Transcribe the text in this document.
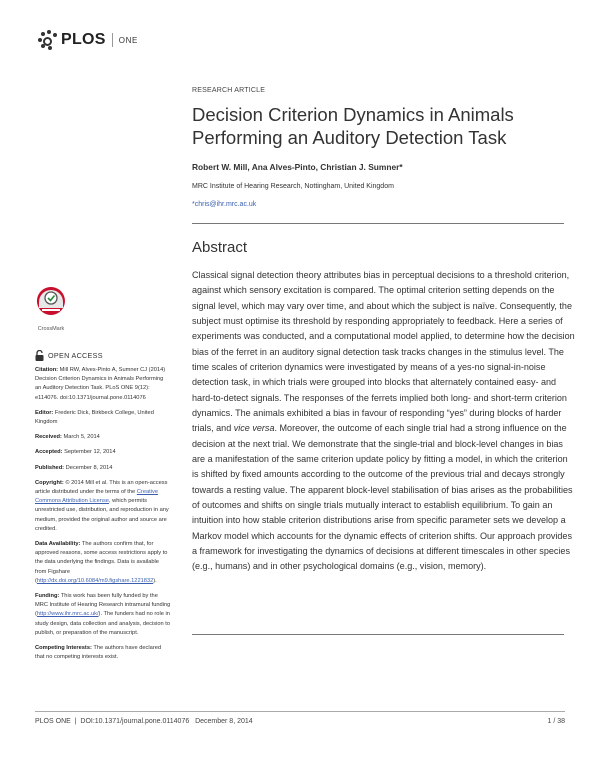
PLOS ONE
RESEARCH ARTICLE
Decision Criterion Dynamics in Animals Performing an Auditory Detection Task
Robert W. Mill, Ana Alves-Pinto, Christian J. Sumner*
MRC Institute of Hearing Research, Nottingham, United Kingdom
*chris@ihr.mrc.ac.uk
Abstract

Classical signal detection theory attributes bias in perceptual decisions to a threshold criterion, against which sensory excitation is compared. The optimal criterion setting depends on the signal level, which may vary over time, and about which the subject is naïve. Consequently, the subject must optimise its threshold by responding appropriately to feedback. Here a series of experiments was conducted, and a computational model applied, to determine how the decision bias of the ferret in an auditory signal detection task tracks changes in the stimulus level. The time scales of criterion dynamics were investigated by means of a yes-no signal-in-noise detection task, in which trials were grouped into blocks that alternately contained easy- and hard-to-detect signals. The responses of the ferrets implied both long- and short-term criterion dynamics. The animals exhibited a bias in favour of responding “yes” during blocks of harder trials, and vice versa. Moreover, the outcome of each single trial had a strong influence on the decision at the next trial. We demonstrate that the single-trial and block-level changes in bias are a manifestation of the same criterion update policy by fitting a model, in which the criterion is shifted by fixed amounts according to the outcome of the previous trial and decays strongly towards a resting value. The apparent block-level stabilisation of bias arises as the probabilities of outcomes and shifts on single trials mutually interact to establish equilibrium. To gain an intuition into how stable criterion distributions arise from specific parameter sets we develop a Markov model which accounts for the dynamic effects of criterion shifts. Our approach provides a framework for investigating the dynamics of decisions at different timescales in other species (e.g., humans) and in other psychological domains (e.g., vision, memory).

CrossMark
OPEN ACCESS
Citation: Mill RW, Alves-Pinto A, Sumner CJ (2014) Decision Criterion Dynamics in Animals Performing an Auditory Detection Task. PLoS ONE 9(12): e114076. doi:10.1371/journal.pone.0114076
Editor: Frederic Dick, Birkbeck College, United Kingdom
Received: March 5, 2014
Accepted: September 12, 2014
Published: December 8, 2014
Copyright: © 2014 Mill et al. This is an open-access article distributed under the terms of the Creative Commons Attribution License, which permits unrestricted use, distribution, and reproduction in any medium, provided the original author and source are credited.
Data Availability: The authors confirm that, for approved reasons, some access restrictions apply to the data underlying the findings. Data is available from Figshare (http://dx.doi.org/10.6084/m9.figshare.1221832).
Funding: This work has been fully funded by the MRC Institute of Hearing Research intramural funding (http://www.ihr.mrc.ac.uk/). The funders had no role in study design, data collection and analysis, decision to publish, or preparation of the manuscript.
Competing Interests: The authors have declared that no competing interests exist.
PLOS ONE  |  DOI:10.1371/journal.pone.0114076   December 8, 2014	1 / 38
